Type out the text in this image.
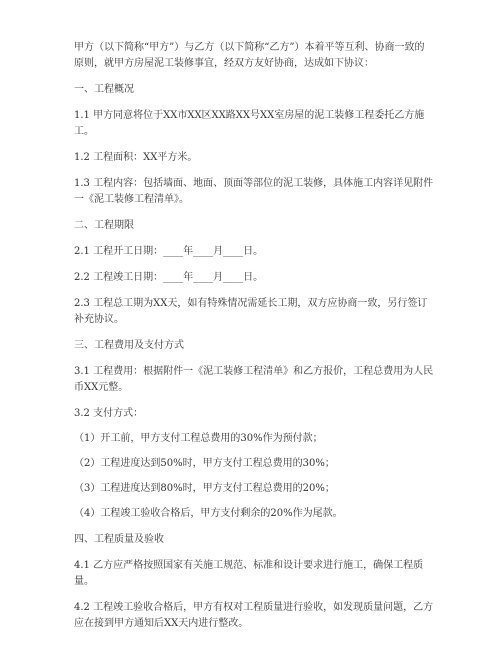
甲方（以下简称“甲方”）与乙方（以下简称“乙方”）本着平等互利、协商一致的原则，就甲方房屋泥工装修事宜，经双方友好协商，达成如下协议：

一、工程概况

1.1 甲方同意将位于XX市XX区XX路XX号XX室房屋的泥工装修工程委托乙方施工。

1.2 工程面积：XX平方米。

1.3 工程内容：包括墙面、地面、顶面等部位的泥工装修，具体施工内容详见附件一《泥工装修工程清单》。

二、工程期限

2.1 工程开工日期：____年____月____日。

2.2 工程竣工日期：____年____月____日。

2.3 工程总工期为XX天，如有特殊情况需延长工期，双方应协商一致，另行签订补充协议。

三、工程费用及支付方式

3.1 工程费用：根据附件一《泥工装修工程清单》和乙方报价，工程总费用为人民币XX元整。

3.2 支付方式：

（1）开工前，甲方支付工程总费用的30%作为预付款；

（2）工程进度达到50%时，甲方支付工程总费用的30%；

（3）工程进度达到80%时，甲方支付工程总费用的20%；

（4）工程竣工验收合格后，甲方支付剩余的20%作为尾款。

四、工程质量及验收

4.1 乙方应严格按照国家有关施工规范、标准和设计要求进行施工，确保工程质量。

4.2 工程竣工验收合格后，甲方有权对工程质量进行验收，如发现质量问题，乙方应在接到甲方通知后XX天内进行整改。
